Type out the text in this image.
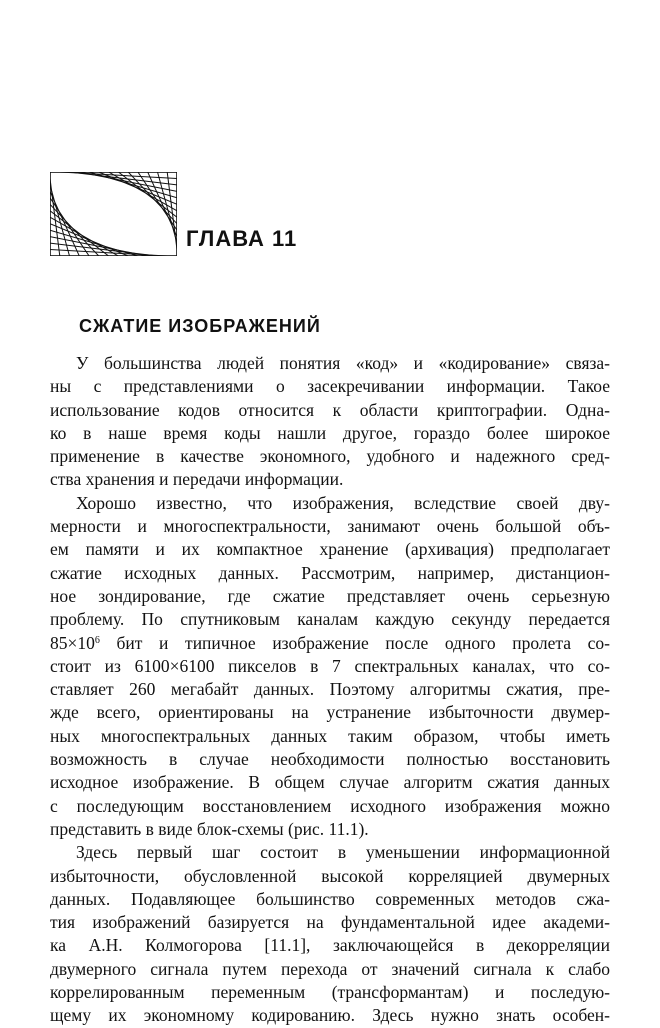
ГЛАВА 11
СЖАТИЕ ИЗОБРАЖЕНИЙ
У большинства людей понятия «код» и «кодирование» связа-
ны с представлениями о засекречивании информации. Такое
использование кодов относится к области криптографии. Одна-
ко в наше время коды нашли другое, гораздо более широкое
применение в качестве экономного, удобного и надежного сред-
ства хранения и передачи информации.
Хорошо известно, что изображения, вследствие своей дву-
мерности и многоспектральности, занимают очень большой объ-
ем памяти и их компактное хранение (архивация) предполагает
сжатие исходных данных. Рассмотрим, например, дистанцион-
ное зондирование, где сжатие представляет очень серьезную
проблему. По спутниковым каналам каждую секунду передается
$85\times 10^6$ бит и типичное изображение после одного пролета со-
стоит из 6100×6100 пикселов в 7 спектральных каналах, что со-
ставляет 260 мегабайт данных. Поэтому алгоритмы сжатия, пре-
жде всего, ориентированы на устранение избыточности двумер-
ных многоспектральных данных таким образом, чтобы иметь
возможность в случае необходимости полностью восстановить
исходное изображение. В общем случае алгоритм сжатия данных
с последующим восстановлением исходного изображения можно
представить в виде блок-схемы (рис. 11.1).
Здесь первый шаг состоит в уменьшении информационной
избыточности, обусловленной высокой корреляцией двумерных
данных. Подавляющее большинство современных методов сжа-
тия изображений базируется на фундаментальной идее академи-
ка А.Н. Колмогорова [11.1], заключающейся в декорреляции
двумерного сигнала путем перехода от значений сигнала к слабо
коррелированным переменным (трансформантам) и последую-
щему их экономному кодированию. Здесь нужно знать особен-
